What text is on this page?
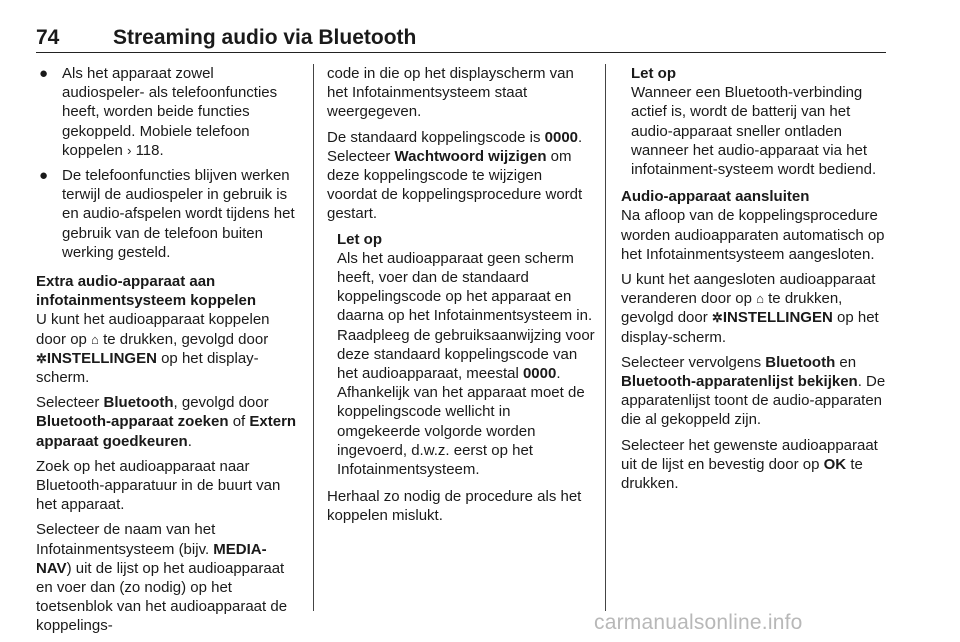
74	Streaming audio via Bluetooth
● Als het apparaat zowel audiospeler- als telefoonfuncties heeft, worden beide functies gekoppeld. Mobiele telefoon koppelen › 118.
● De telefoonfuncties blijven werken terwijl de audiospeler in gebruik is en audio-afspelen wordt tijdens het gebruik van de telefoon buiten werking gesteld.

Extra audio-apparaat aan infotainmentsysteem koppelen

U kunt het audioapparaat koppelen door op ⌂ te drukken, gevolgd door ✲INSTELLINGEN op het display-scherm.

Selecteer Bluetooth, gevolgd door Bluetooth-apparaat zoeken of Extern apparaat goedkeuren.

Zoek op het audioapparaat naar Bluetooth-apparatuur in de buurt van het apparaat.

Selecteer de naam van het Infotainmentsysteem (bijv. MEDIA-NAV) uit de lijst op het audioapparaat en voer dan (zo nodig) op het toetsenblok van het audioapparaat de koppelings-

code in die op het displayscherm van het Infotainmentsysteem staat weergegeven.

De standaard koppelingscode is 0000. Selecteer Wachtwoord wijzigen om deze koppelingscode te wijzigen voordat de koppelingsprocedure wordt gestart.

Let op

Als het audioapparaat geen scherm heeft, voer dan de standaard koppelingscode op het apparaat en daarna op het Infotainmentsysteem in. Raadpleeg de gebruiksaanwijzing voor deze standaard koppelingscode van het audioapparaat, meestal 0000. Afhankelijk van het apparaat moet de koppelingscode wellicht in omgekeerde volgorde worden ingevoerd, d.w.z. eerst op het Infotainmentsysteem.

Herhaal zo nodig de procedure als het koppelen mislukt.

Let op

Wanneer een Bluetooth-verbinding actief is, wordt de batterij van het audio-apparaat sneller ontladen wanneer het audio-apparaat via het infotainment-systeem wordt bediend.

Audio-apparaat aansluiten

Na afloop van de koppelingsprocedure worden audioapparaten automatisch op het Infotainmentsysteem aangesloten.

U kunt het aangesloten audioapparaat veranderen door op ⌂ te drukken, gevolgd door ✲INSTELLINGEN op het display-scherm.

Selecteer vervolgens Bluetooth en Bluetooth-apparatenlijst bekijken. De apparatenlijst toont de audio-apparaten die al gekoppeld zijn.

Selecteer het gewenste audioapparaat uit de lijst en bevestig door op OK te drukken.

carmanualsonline.info
